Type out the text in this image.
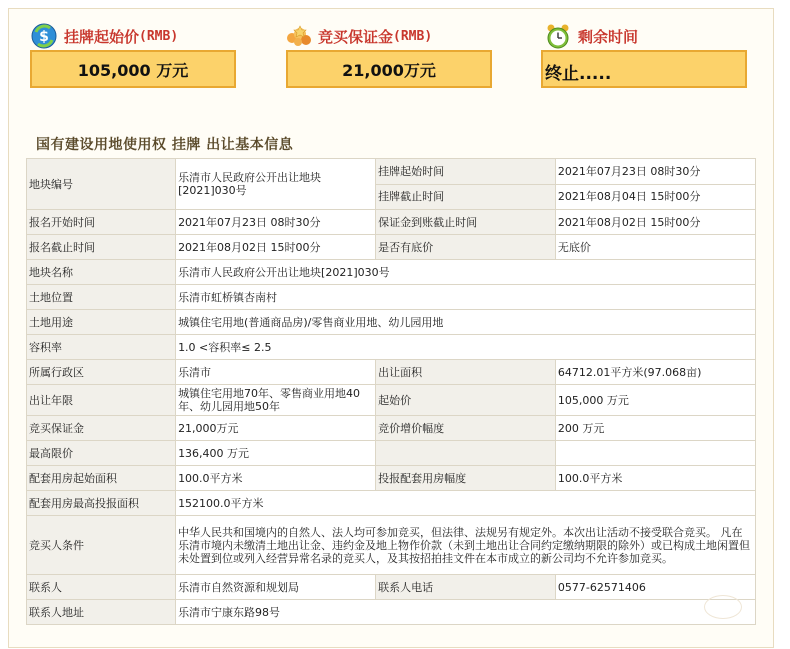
$ 挂牌起始价 (RMB)
105,000 万元
竞买保证金 (RMB)
21,000万元
剩余时间
终止.....
国有建设用地使用权 挂牌 出让基本信息
地块编号	乐清市人民政府公开出让地块[2021]030号	挂牌起始时间	2021年07月23日 08时30分
		挂牌截止时间	2021年08月04日 15时00分
报名开始时间	2021年07月23日 08时30分	保证金到账截止时间	2021年08月02日 15时00分
报名截止时间	2021年08月02日 15时00分	是否有底价	无底价
地块名称	乐清市人民政府公开出让地块[2021]030号		
土地位置	乐清市虹桥镇杏南村		
土地用途	城镇住宅用地(普通商品房)/零售商业用地、幼儿园用地		
容积率	1.0 <容积率≤ 2.5		
所属行政区	乐清市	出让面积	64712.01平方米(97.068亩)
出让年限	城镇住宅用地70年、零售商业用地40年、幼儿园用地50年	起始价	105,000 万元
竞买保证金	21,000万元	竞价增价幅度	200 万元
最高限价	136,400 万元		
配套用房起始面积	100.0平方米	投报配套用房幅度	100.0平方米
配套用房最高投报面积	152100.0平方米		
竞买人条件	中华人民共和国境内的自然人、法人均可参加竞买，但法律、法规另有规定外。本次出让活动不接受联合竞买。 凡在乐清市境内未缴清土地出让金、违约金及地上物作价款（未到土地出让合同约定缴纳期限的除外）或已构成土地闲置但未处置到位或列入经营异常名录的竞买人，及其按招拍挂文件在本市成立的新公司均不允许参加竞买。		
联系人	乐清市自然资源和规划局	联系人电话	0577-62571406
联系人地址	乐清市宁康东路98号		
